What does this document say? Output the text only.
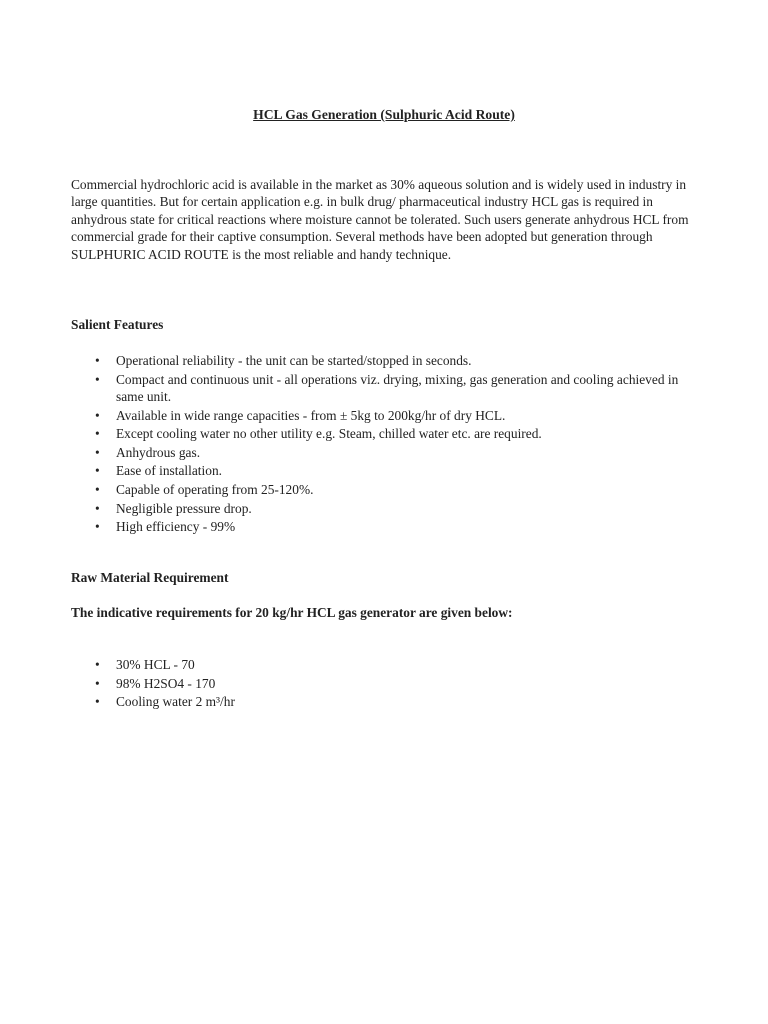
HCL Gas Generation (Sulphuric Acid Route)

Commercial hydrochloric acid is available in the market as 30% aqueous solution and is widely used in industry in large quantities. But for certain application e.g. in bulk drug/ pharmaceutical industry HCL gas is required in anhydrous state for critical reactions where moisture cannot be tolerated. Such users generate anhydrous HCL from commercial grade for their captive consumption. Several methods have been adopted but generation through SULPHURIC ACID ROUTE is the most reliable and handy technique.

Salient Features

• Operational reliability - the unit can be started/stopped in seconds.
• Compact and continuous unit - all operations viz. drying, mixing, gas generation and cooling achieved in same unit.
• Available in wide range capacities - from ± 5kg to 200kg/hr of dry HCL.
• Except cooling water no other utility e.g. Steam, chilled water etc. are required.
• Anhydrous gas.
• Ease of installation.
• Capable of operating from 25-120%.
• Negligible pressure drop.
• High efficiency - 99%

Raw Material Requirement

The indicative requirements for 20 kg/hr HCL gas generator are given below:

• 30% HCL - 70
• 98% H2SO4 - 170
• Cooling water 2 m³/hr
